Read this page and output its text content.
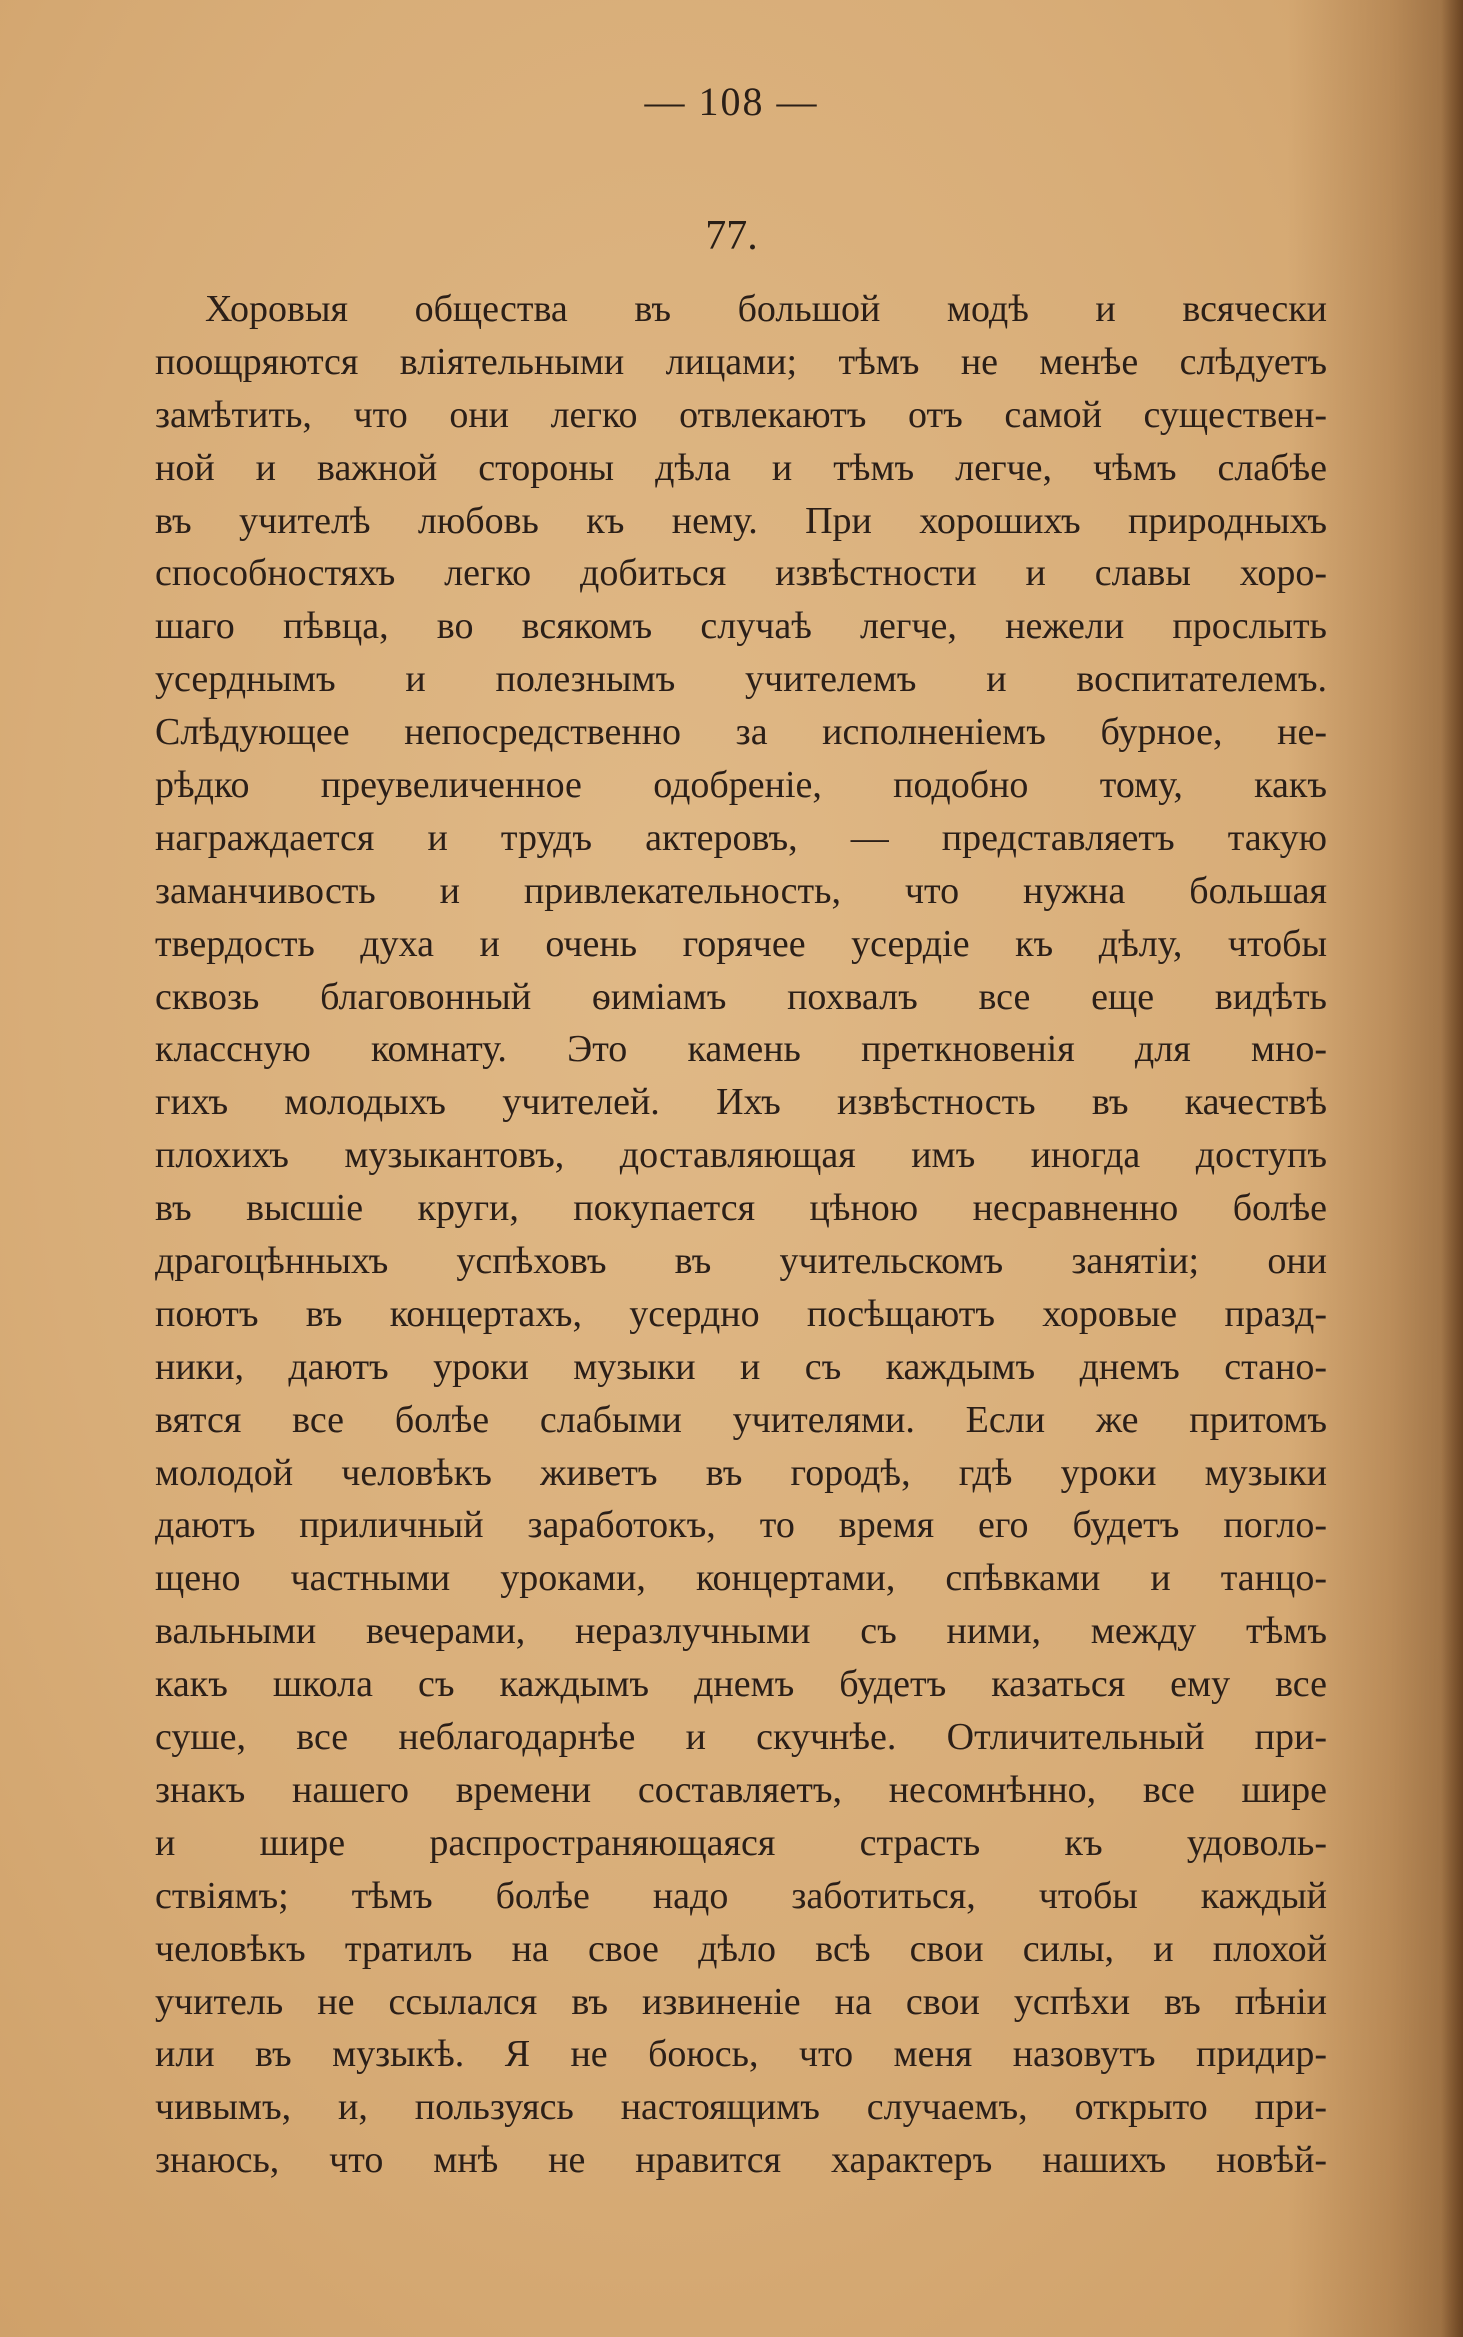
— 108 —
77.
Хоровыя общества въ большой модѣ и всячески
поощряются вліятельными лицами; тѣмъ не менѣе слѣдуетъ
замѣтить, что они легко отвлекаютъ отъ самой существен-
ной и важной стороны дѣла и тѣмъ легче, чѣмъ слабѣе
въ учителѣ любовь къ нему. При хорошихъ природныхъ
способностяхъ легко добиться извѣстности и славы хоро-
шаго пѣвца, во всякомъ случаѣ легче, нежели прослыть
усерднымъ и полезнымъ учителемъ и воспитателемъ.
Слѣдующее непосредственно за исполненіемъ бурное, не-
рѣдко преувеличенное одобреніе, подобно тому, какъ
награждается и трудъ актеровъ, — представляетъ такую
заманчивость и привлекательность, что нужна большая
твердость духа и очень горячее усердіе къ дѣлу, чтобы
сквозь благовонный ѳиміамъ похвалъ все еще видѣть
классную комнату. Это камень преткновенія для мно-
гихъ молодыхъ учителей. Ихъ извѣстность въ качествѣ
плохихъ музыкантовъ, доставляющая имъ иногда доступъ
въ высшіе круги, покупается цѣною несравненно болѣе
драгоцѣнныхъ успѣховъ въ учительскомъ занятіи; они
поютъ въ концертахъ, усердно посѣщаютъ хоровые празд-
ники, даютъ уроки музыки и съ каждымъ днемъ стано-
вятся все болѣе слабыми учителями. Если же притомъ
молодой человѣкъ живетъ въ городѣ, гдѣ уроки музыки
даютъ приличный заработокъ, то время его будетъ погло-
щено частными уроками, концертами, спѣвками и танцо-
вальными вечерами, неразлучными съ ними, между тѣмъ
какъ школа съ каждымъ днемъ будетъ казаться ему все
суше, все неблагодарнѣе и скучнѣе. Отличительный при-
знакъ нашего времени составляетъ, несомнѣнно, все шире
и шире распространяющаяся страсть къ удоволь-
ствіямъ; тѣмъ болѣе надо заботиться, чтобы каждый
человѣкъ тратилъ на свое дѣло всѣ свои силы, и плохой
учитель не ссылался въ извиненіе на свои успѣхи въ пѣніи
или въ музыкѣ. Я не боюсь, что меня назовутъ придир-
чивымъ, и, пользуясь настоящимъ случаемъ, открыто при-
знаюсь, что мнѣ не нравится характеръ нашихъ новѣй-
